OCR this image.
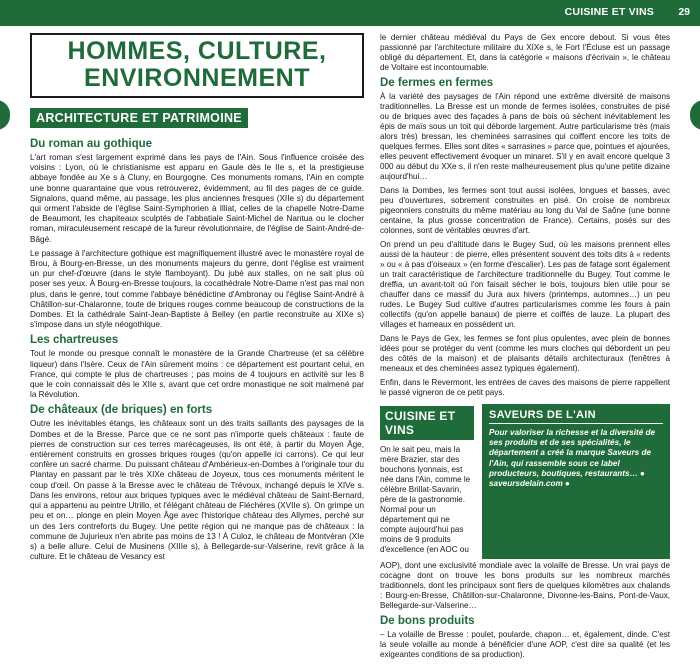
CUISINE ET VINS 29
HOMMES, CULTURE,
ENVIRONNEMENT
ARCHITECTURE ET PATRIMOINE
Du roman au gothique

L'art roman s'est largement exprimé dans les pays de l'Ain. Sous l'influence croisée des voisins : Lyon, où le christianisme est apparu en Gaule dès le IIe s, et la prestigieuse abbaye fondée au Xe s à Cluny, en Bourgogne. Ces monuments romans, l'Ain en compte une bonne quarantaine que vous retrouverez, évidemment, au fil des pages de ce guide. Signalons, quand même, au passage, les plus anciennes fresques (XIIe s) du département qui orment l'abside de l'église Saint-Symphorien à Illiat, celles de la chapelle Notre-Dame de Beaumont, les chapiteaux sculptés de l'abbatiale Saint-Michel de Nantua ou le clocher roman, miraculeusement rescapé de la fureur révolutionnaire, de l'église de Saint-André-de-Bâgé.

Le passage à l'architecture gothique est magnifiquement illustré avec le monastère royal de Brou, à Bourg-en-Bresse, un des monuments majeurs du genre, dont l'église est vraiment un pur chef-d'œuvre (dans le style flamboyant). Du jubé aux stalles, on ne sait plus où poser ses yeux. À Bourg-en-Bresse toujours, la cocathédrale Notre-Dame n'est pas mal non plus, dans le genre, tout comme l'abbaye bénédictine d'Ambronay ou l'église Saint-André à Châtillon-sur-Chalaronne, toute de briques rouges comme beaucoup de constructions de la Dombes. Et la cathédrale Saint-Jean-Baptiste à Belley (en partie reconstruite au XIXe s) s'impose dans un style néogothique.

Les chartreuses

Tout le monde ou presque connaît le monastère de la Grande Chartreuse (et sa célèbre liqueur) dans l'Isère. Ceux de l'Ain sûrement moins : ce département est pourtant celui, en France, qui compte le plus de chartreuses ; pas moins de 4 toujours en activité sur les 8 que le coin connaissait dès le XIIe s, avant que cet ordre monastique ne soit malmené par la Révolution.

De châteaux (de briques) en forts

Outre les inévitables étangs, les châteaux sont un des traits saillants des paysages de la Dombes et de la Bresse. Parce que ce ne sont pas n'importe quels châteaux : faute de pierres de construction sur ces terres marécageuses, ils ont été, à partir du Moyen Âge, entièrement construits en grosses briques rouges (qu'on appelle ici carrons). Ce qui leur confère un sacré charme. Du puissant château d'Ambérieux-en-Dombes à l'originale tour du Plantay en passant par le très XIXe château de Joyeux, tous ces monuments méritent le coup d'œil. On passe à la Bresse avec le château de Trévoux, inchangé depuis le XIVe s. Dans les environs, retour aux briques typiques avec le médiéval château de Saint-Bernard, qui a appartenu au peintre Utrillo, et l'élégant château de Fléchères (XVIIe s). On grimpe un peu et on… plonge en plein Moyen Âge avec l'historique château des Allymes, perché sur un des 1ers contreforts du Bugey. Une petite région qui ne manque pas de châteaux : la commune de Jujurieux n'en abrite pas moins de 13 ! À Culoz, le château de Montvéran (XIe s) a belle allure. Celui de Musinens (XIIIe s), à Bellegarde-sur-Valserine, revit grâce à la culture. Et le château de Vesancy est

le dernier château médiéval du Pays de Gex encore debout. Si vous êtes passionné par l'architecture militaire du XIXe s, le Fort l'Écluse est un passage obligé du département. Et, dans la catégorie « maisons d'écrivain », le château de Voltaire est incontournable.

De fermes en fermes

À la variété des paysages de l'Ain répond une extrême diversité de maisons traditionnelles. La Bresse est un monde de fermes isolées, construites de pisé ou de briques avec des façades à pans de bois où sèchent inévitablement les épis de maïs sous un toit qui déborde largement. Autre particularisme très (mais alors très) bressan, les cheminées sarrasines qui coiffent encore les toits de quelques fermes. Elles sont dites « sarrasines » parce que, pointues et ajourées, elles peuvent effectivement évoquer un minaret. S'il y en avait encore quelque 3 000 au début du XXe s, il n'en reste malheureusement plus qu'une petite dizaine aujourd'hui…

Dans la Dombes, les fermes sont tout aussi isolées, longues et basses, avec peu d'ouvertures, sobrement construites en pisé. On croise de nombreux pigeonniers construits du même matériau au long du Val de Saône (une bonne centaine, la plus grosse concentration de France). Certains, posés sur des colonnes, sont de véritables œuvres d'art.

On prend un peu d'altitude dans le Bugey Sud, où les maisons prennent elles aussi de la hauteur : de pierre, elles présentent souvent des toits dits à « redents » ou « à pas d'oiseaux » (en forme d'escalier). Les pas de fatage sont également un trait caractéristique de l'architecture traditionnelle du Bugey. Tout comme le dreffia, un avant-toit où l'on faisait sécher le bois, toujours bien utile pour se chauffer dans ce massif du Jura aux hivers (printemps, automnes…) un peu rudes. Le Bugey Sud cultive d'autres particularismes comme les fours à pain collectifs (qu'on appelle banaux) de pierre et coiffés de lauze. La plupart des villages et hameaux en possèdent un.

Dans le Pays de Gex, les fermes se font plus opulentes, avec plein de bonnes idées pour se protéger du vent (comme les murs cloches qui débordent un peu des côtés de la maison) et de plaisants détails architecturaux (fenêtres à meneaux et des cheminées assez typiques également).

Enfin, dans le Revermont, les entrées de caves des maisons de pierre rappellent le passé vigneron de ce petit pays.

CUISINE ET VINS

On le sait peu, mais la mère Brazier, star des bouchons lyonnais, est née dans l'Ain, comme le célèbre Brillat-Savarin, père de la gastronomie. Normal pour un département qui ne compte aujourd'hui pas moins de 9 produits d'excellence (en AOC ou

SAVEURS DE L'AIN
Pour valoriser la richesse et la diversité de ses produits et de ses spécialités, le département a créé la marque Saveurs de l'Ain, qui rassemble sous ce label producteurs, boutiques, restaurants… ● saveursdelain.com ●

AOP), dont une exclusivité mondiale avec la volaille de Bresse. Un vrai pays de cocagne dont on trouve les bons produits sur les nombreux marchés traditionnels, dont les principaux sont fiers de quelques kilomètres aux chalands : Bourg-en-Bresse, Châtillon-sur-Chalaronne, Divonne-les-Bains, Pont-de-Vaux, Bellegarde-sur-Valserine…

De bons produits

– La volaille de Bresse : poulet, poularde, chapon… et, également, dinde. C'est la seule volaille au monde à bénéficier d'une AOP, c'est dire sa qualité (et les exigeantes conditions de sa production).
